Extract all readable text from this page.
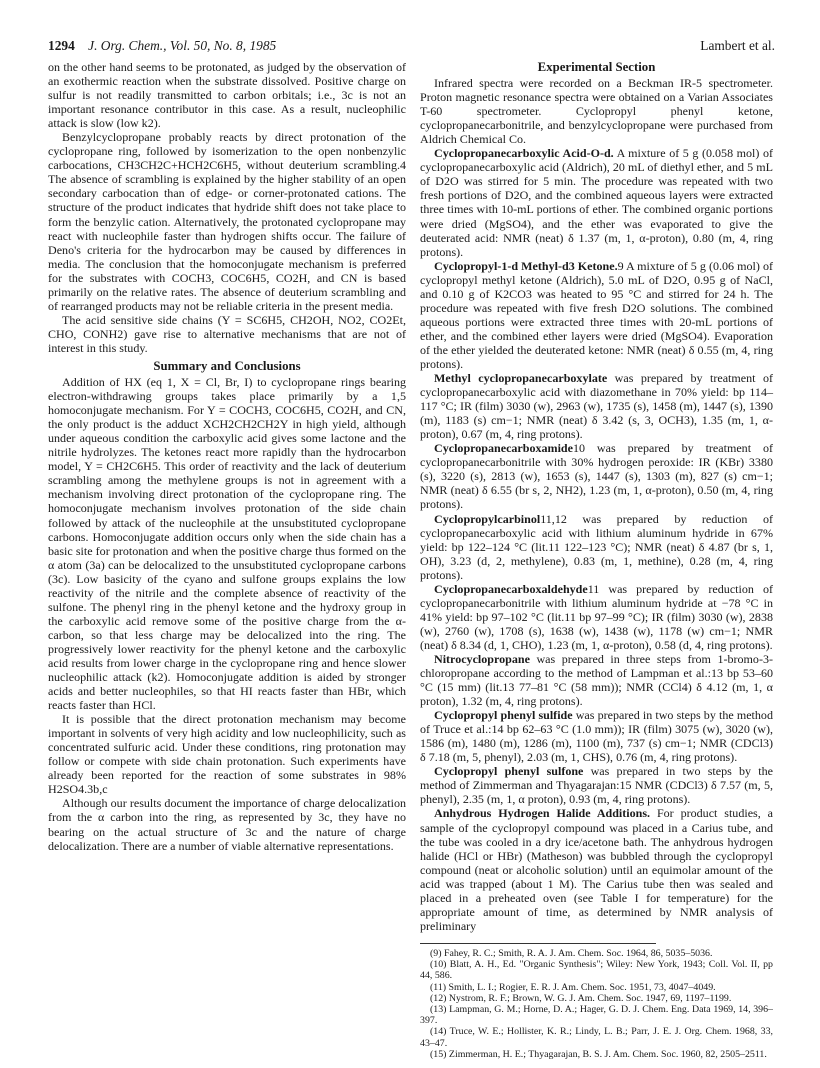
1294 J. Org. Chem., Vol. 50, No. 8, 1985	Lambert et al.

on the other hand seems to be protonated, as judged by the observation of an exothermic reaction when the substrate dissolved. Positive charge on sulfur is not readily transmitted to carbon orbitals; i.e., 3c is not an important resonance contributor in this case. As a result, nucleophilic attack is slow (low k2).

Benzylcyclopropane probably reacts by direct protonation of the cyclopropane ring, followed by isomerization to the open nonbenzylic carbocations, CH3CH2C+HCH2C6H5, without deuterium scrambling.4 The absence of scrambling is explained by the higher stability of an open secondary carbocation than of edge- or corner-protonated cations. The structure of the product indicates that hydride shift does not take place to form the benzylic cation. Alternatively, the protonated cyclopropane may react with nucleophile faster than hydrogen shifts occur. The failure of Deno's criteria for the hydrocarbon may be caused by differences in media. The conclusion that the homoconjugate mechanism is preferred for the substrates with COCH3, COC6H5, CO2H, and CN is based primarily on the relative rates. The absence of deuterium scrambling and of rearranged products may not be reliable criteria in the present media.

The acid sensitive side chains (Y = SC6H5, CH2OH, NO2, CO2Et, CHO, CONH2) gave rise to alternative mechanisms that are not of interest in this study.

Summary and Conclusions

Addition of HX (eq 1, X = Cl, Br, I) to cyclopropane rings bearing electron-withdrawing groups takes place primarily by a 1,5 homoconjugate mechanism. For Y = COCH3, COC6H5, CO2H, and CN, the only product is the adduct XCH2CH2CH2Y in high yield, although under aqueous condition the carboxylic acid gives some lactone and the nitrile hydrolyzes. The ketones react more rapidly than the hydrocarbon model, Y = CH2C6H5. This order of reactivity and the lack of deuterium scrambling among the methylene groups is not in agreement with a mechanism involving direct protonation of the cyclopropane ring. The homoconjugate mechanism involves protonation of the side chain followed by attack of the nucleophile at the unsubstituted cyclopropane carbons. Homoconjugate addition occurs only when the side chain has a basic site for protonation and when the positive charge thus formed on the α atom (3a) can be delocalized to the unsubstituted cyclopropane carbons (3c). Low basicity of the cyano and sulfone groups explains the low reactivity of the nitrile and the complete absence of reactivity of the sulfone. The phenyl ring in the phenyl ketone and the hydroxy group in the carboxylic acid remove some of the positive charge from the α-carbon, so that less charge may be delocalized into the ring. The progressively lower reactivity for the phenyl ketone and the carboxylic acid results from lower charge in the cyclopropane ring and hence slower nucleophilic attack (k2). Homoconjugate addition is aided by stronger acids and better nucleophiles, so that HI reacts faster than HBr, which reacts faster than HCl.

It is possible that the direct protonation mechanism may become important in solvents of very high acidity and low nucleophilicity, such as concentrated sulfuric acid. Under these conditions, ring protonation may follow or compete with side chain protonation. Such experiments have already been reported for the reaction of some substrates in 98% H2SO4.3b,c

Although our results document the importance of charge delocalization from the α carbon into the ring, as represented by 3c, they have no bearing on the actual structure of 3c and the nature of charge delocalization. There are a number of viable alternative representations.

Experimental Section

Infrared spectra were recorded on a Beckman IR-5 spectrometer. Proton magnetic resonance spectra were obtained on a Varian Associates T-60 spectrometer. Cyclopropyl phenyl ketone, cyclopropanecarbonitrile, and benzylcyclopropane were purchased from Aldrich Chemical Co.

Cyclopropanecarboxylic Acid-O-d. A mixture of 5 g (0.058 mol) of cyclopropanecarboxylic acid (Aldrich), 20 mL of diethyl ether, and 5 mL of D2O was stirred for 5 min. The procedure was repeated with two fresh portions of D2O, and the combined aqueous layers were extracted three times with 10-mL portions of ether. The combined organic portions were dried (MgSO4), and the ether was evaporated to give the deuterated acid: NMR (neat) δ 1.37 (m, 1, α-proton), 0.80 (m, 4, ring protons).

Cyclopropyl-1-d Methyl-d3 Ketone.9 A mixture of 5 g (0.06 mol) of cyclopropyl methyl ketone (Aldrich), 5.0 mL of D2O, 0.95 g of NaCl, and 0.10 g of K2CO3 was heated to 95 °C and stirred for 24 h. The procedure was repeated with five fresh D2O solutions. The combined aqueous portions were extracted three times with 20-mL portions of ether, and the combined ether layers were dried (MgSO4). Evaporation of the ether yielded the deuterated ketone: NMR (neat) δ 0.55 (m, 4, ring protons).

Methyl cyclopropanecarboxylate was prepared by treatment of cyclopropanecarboxylic acid with diazomethane in 70% yield: bp 114–117 °C; IR (film) 3030 (w), 2963 (w), 1735 (s), 1458 (m), 1447 (s), 1390 (m), 1183 (s) cm−1; NMR (neat) δ 3.42 (s, 3, OCH3), 1.35 (m, 1, α-proton), 0.67 (m, 4, ring protons).

Cyclopropanecarboxamide10 was prepared by treatment of cyclopropanecarbonitrile with 30% hydrogen peroxide: IR (KBr) 3380 (s), 3220 (s), 2813 (w), 1653 (s), 1447 (s), 1303 (m), 827 (s) cm−1; NMR (neat) δ 6.55 (br s, 2, NH2), 1.23 (m, 1, α-proton), 0.50 (m, 4, ring protons).

Cyclopropylcarbinol11,12 was prepared by reduction of cyclopropanecarboxylic acid with lithium aluminum hydride in 67% yield: bp 122–124 °C (lit.11 122–123 °C); NMR (neat) δ 4.87 (br s, 1, OH), 3.23 (d, 2, methylene), 0.83 (m, 1, methine), 0.28 (m, 4, ring protons).

Cyclopropanecarboxaldehyde11 was prepared by reduction of cyclopropanecarbonitrile with lithium aluminum hydride at −78 °C in 41% yield: bp 97–102 °C (lit.11 bp 97–99 °C); IR (film) 3030 (w), 2838 (w), 2760 (w), 1708 (s), 1638 (w), 1438 (w), 1178 (w) cm−1; NMR (neat) δ 8.34 (d, 1, CHO), 1.23 (m, 1, α-proton), 0.58 (d, 4, ring protons).

Nitrocyclopropane was prepared in three steps from 1-bromo-3-chloropropane according to the method of Lampman et al.:13 bp 53–60 °C (15 mm) (lit.13 77–81 °C (58 mm)); NMR (CCl4) δ 4.12 (m, 1, α proton), 1.32 (m, 4, ring protons).

Cyclopropyl phenyl sulfide was prepared in two steps by the method of Truce et al.:14 bp 62–63 °C (1.0 mm)); IR (film) 3075 (w), 3020 (w), 1586 (m), 1480 (m), 1286 (m), 1100 (m), 737 (s) cm−1; NMR (CDCl3) δ 7.18 (m, 5, phenyl), 2.03 (m, 1, CHS), 0.76 (m, 4, ring protons).

Cyclopropyl phenyl sulfone was prepared in two steps by the method of Zimmerman and Thyagarajan:15 NMR (CDCl3) δ 7.57 (m, 5, phenyl), 2.35 (m, 1, α proton), 0.93 (m, 4, ring protons).

Anhydrous Hydrogen Halide Additions. For product studies, a sample of the cyclopropyl compound was placed in a Carius tube, and the tube was cooled in a dry ice/acetone bath. The anhydrous hydrogen halide (HCl or HBr) (Matheson) was bubbled through the cyclopropyl compound (neat or alcoholic solution) until an equimolar amount of the acid was trapped (about 1 M). The Carius tube then was sealed and placed in a preheated oven (see Table I for temperature) for the appropriate amount of time, as determined by NMR analysis of preliminary

(9) Fahey, R. C.; Smith, R. A. J. Am. Chem. Soc. 1964, 86, 5035–5036.

(10) Blatt, A. H., Ed. "Organic Synthesis"; Wiley: New York, 1943; Coll. Vol. II, pp 44, 586.

(11) Smith, L. I.; Rogier, E. R. J. Am. Chem. Soc. 1951, 73, 4047–4049.

(12) Nystrom, R. F.; Brown, W. G. J. Am. Chem. Soc. 1947, 69, 1197–1199.

(13) Lampman, G. M.; Horne, D. A.; Hager, G. D. J. Chem. Eng. Data 1969, 14, 396–397.

(14) Truce, W. E.; Hollister, K. R.; Lindy, L. B.; Parr, J. E. J. Org. Chem. 1968, 33, 43–47.

(15) Zimmerman, H. E.; Thyagarajan, B. S. J. Am. Chem. Soc. 1960, 82, 2505–2511.
